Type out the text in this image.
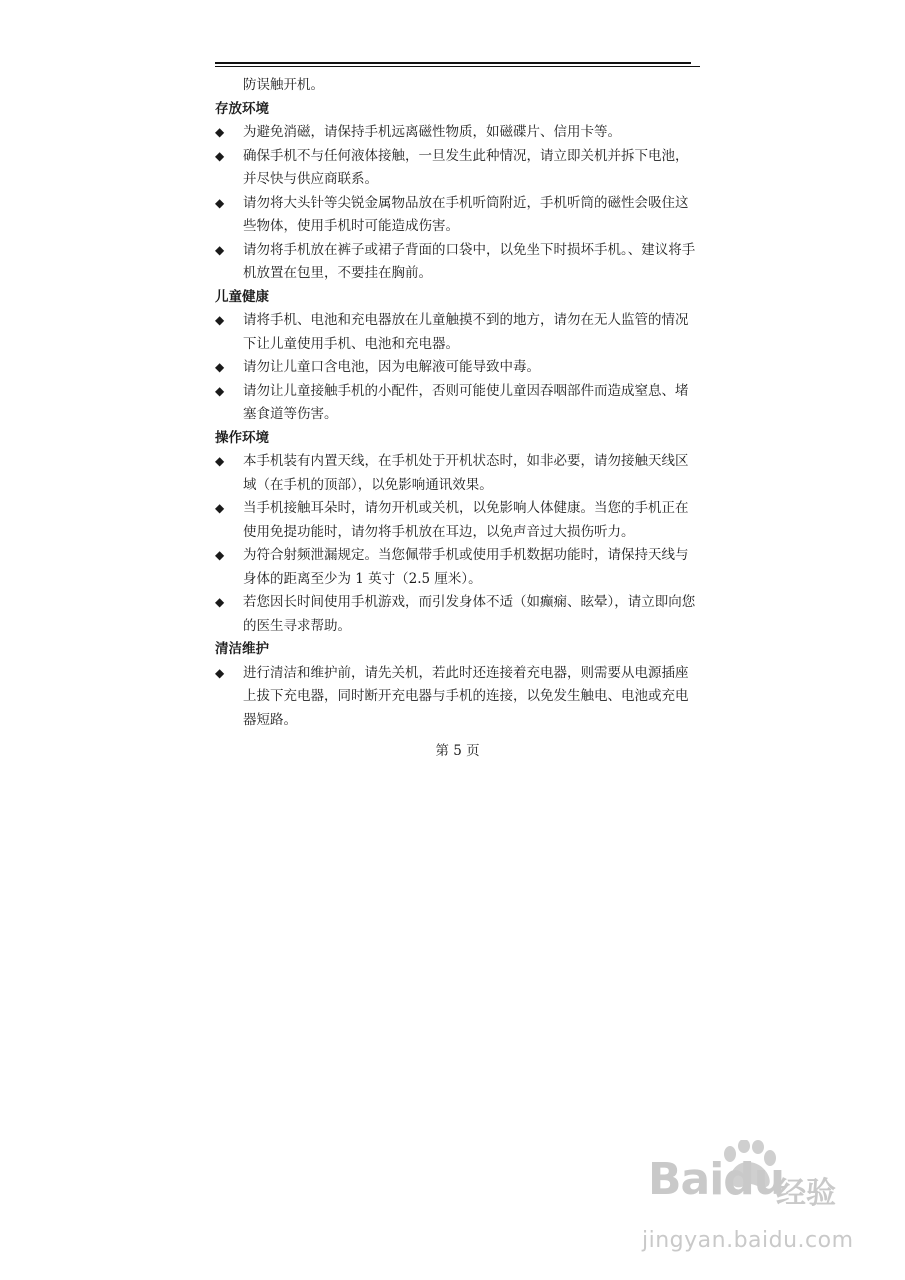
防误触开机。
存放环境
◆	为避免消磁，请保持手机远离磁性物质，如磁碟片、信用卡等。
◆	确保手机不与任何液体接触，一旦发生此种情况，请立即关机并拆下电池，
并尽快与供应商联系。
◆	请勿将大头针等尖锐金属物品放在手机听筒附近，手机听筒的磁性会吸住这
些物体，使用手机时可能造成伤害。
◆	请勿将手机放在裤子或裙子背面的口袋中，以免坐下时损坏手机。、建议将手
机放置在包里，不要挂在胸前。
儿童健康
◆	请将手机、电池和充电器放在儿童触摸不到的地方，请勿在无人监管的情况
下让儿童使用手机、电池和充电器。
◆	请勿让儿童口含电池，因为电解液可能导致中毒。
◆	请勿让儿童接触手机的小配件，否则可能使儿童因吞咽部件而造成窒息、堵
塞食道等伤害。
操作环境
◆	本手机装有内置天线，在手机处于开机状态时，如非必要，请勿接触天线区
域（在手机的顶部），以免影响通讯效果。
◆	当手机接触耳朵时，请勿开机或关机，以免影响人体健康。当您的手机正在
使用免提功能时，请勿将手机放在耳边，以免声音过大损伤听力。
◆	为符合射频泄漏规定。当您佩带手机或使用手机数据功能时，请保持天线与
身体的距离至少为 1 英寸（2.5 厘米）。
◆	若您因长时间使用手机游戏，而引发身体不适（如癫痫、眩晕），请立即向您
的医生寻求帮助。
清洁维护
◆	进行清洁和维护前，请先关机，若此时还连接着充电器，则需要从电源插座
上拔下充电器，同时断开充电器与手机的连接，以免发生触电、电池或充电
器短路。
第 5 页
Baidu
经验
jingyan.baidu.com
